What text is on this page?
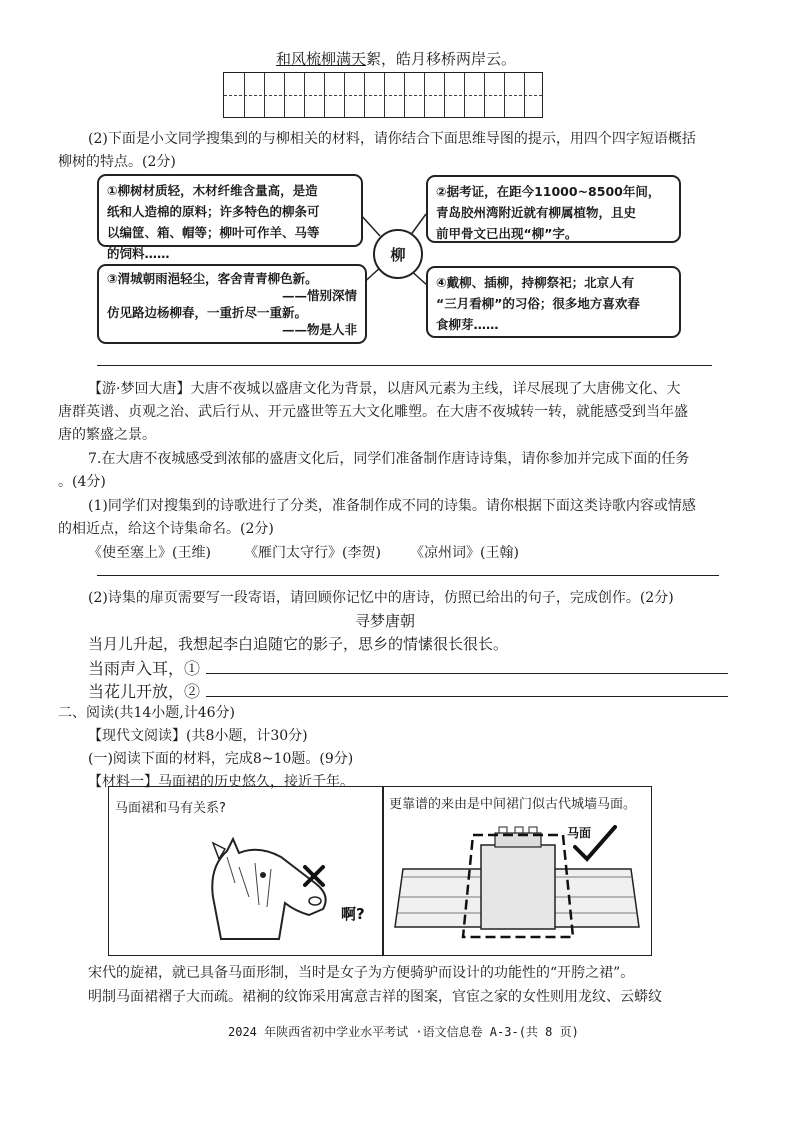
和风梳柳满天絮，皓月移桥两岸云。
(2)下面是小文同学搜集到的与柳相关的材料，请你结合下面思维导图的提示，用四个四字短语概括
柳树的特点。(2分)
①柳树材质轻，木材纤维含量高，是造
纸和人造棉的原料；许多特色的柳条可
以编筐、箱、帽等；柳叶可作羊、马等
的饲料……
②据考证，在距今11000~8500年间，
青岛胶州湾附近就有柳属植物，且史
前甲骨文已出现“柳”字。
柳
③渭城朝雨浥轻尘，客舍青青柳色新。
——惜别深情
仿见路边杨柳春，一重折尽一重新。
——物是人非
④戴柳、插柳，持柳祭祀；北京人有
“三月看柳”的习俗；很多地方喜欢春
食柳芽……
【游·梦回大唐】大唐不夜城以盛唐文化为背景，以唐风元素为主线，详尽展现了大唐佛文化、大
唐群英谱、贞观之治、武后行从、开元盛世等五大文化雕塑。在大唐不夜城转一转，就能感受到当年盛
唐的繁盛之景。
7.在大唐不夜城感受到浓郁的盛唐文化后，同学们准备制作唐诗诗集，请你参加并完成下面的任务
。(4分)
(1)同学们对搜集到的诗歌进行了分类，准备制作成不同的诗集。请你根据下面这类诗歌内容或情感
的相近点，给这个诗集命名。(2分)
《使至塞上》(王维) 《雁门太守行》(李贺) 《凉州词》(王翰)
(2)诗集的扉页需要写一段寄语，请回顾你记忆中的唐诗，仿照已给出的句子，完成创作。(2分)
寻梦唐朝
当月儿升起，我想起李白追随它的影子，思乡的情愫很长很长。
当雨声入耳，①
当花儿开放，②
二、阅读(共14小题,计46分)
【现代文阅读】(共8小题，计30分)
(一)阅读下面的材料，完成8~10题。(9分)
【材料一】马面裙的历史悠久，接近千年。
马面裙和马有关系?
啊?
更靠谱的来由是中间裙门似古代城墙马面。
马面
宋代的旋裙，就已具备马面形制，当时是女子为方便骑驴而设计的功能性的“开胯之裙”。
明制马面裙褶子大而疏。裙裥的纹饰采用寓意吉祥的图案，官宦之家的女性则用龙纹、云蟒纹
2024 年陕西省初中学业水平考试 ·语文信息卷 A-3-(共 8 页)
